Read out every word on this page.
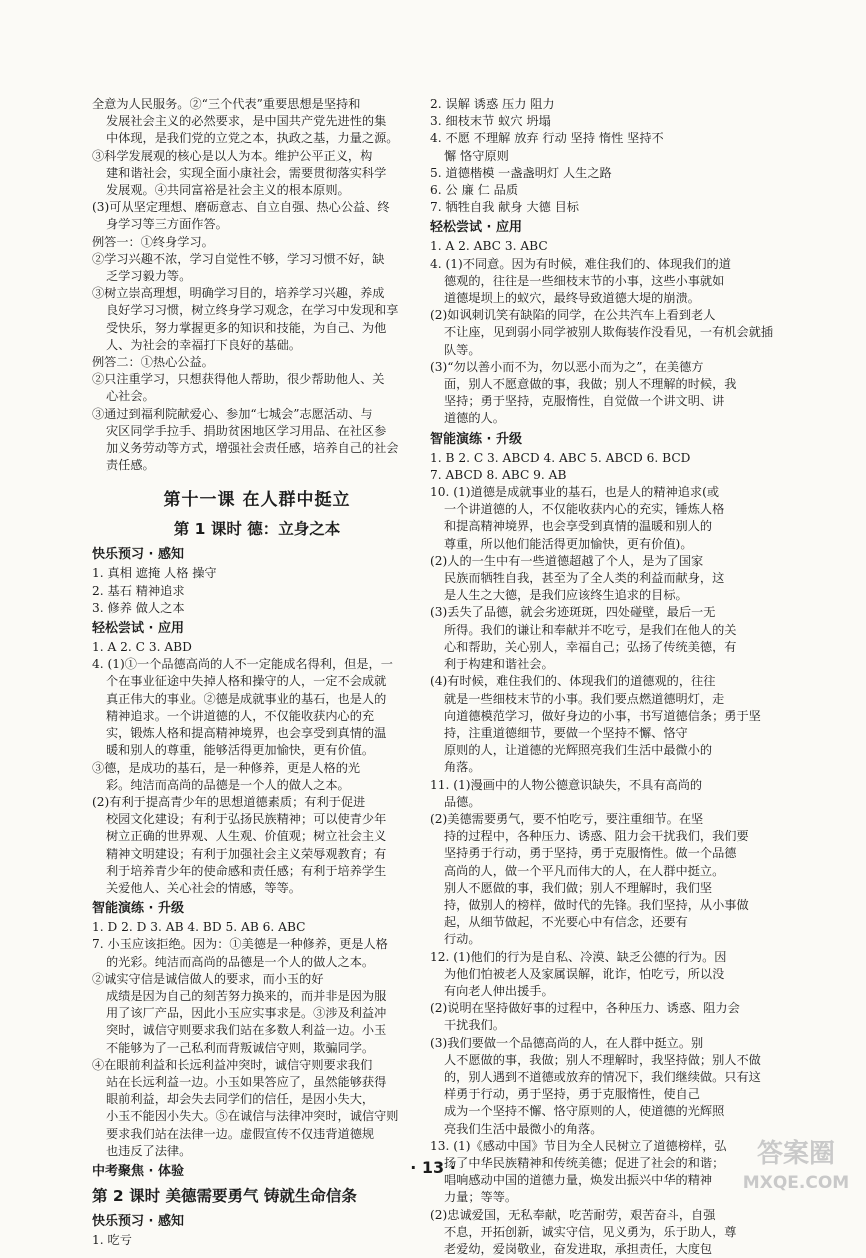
全意为人民服务。②“三个代表”重要思想是坚持和

发展社会主义的必然要求，是中国共产党先进性的集

中体现，是我们党的立党之本，执政之基，力量之源。

③科学发展观的核心是以人为本。维护公平正义，构

建和谐社会，实现全面小康社会，需要贯彻落实科学

发展观。④共同富裕是社会主义的根本原则。

(3)可从坚定理想、磨砺意志、自立自强、热心公益、终

身学习等三方面作答。

例答一：①终身学习。

②学习兴趣不浓，学习自觉性不够，学习习惯不好，缺

乏学习毅力等。

③树立崇高理想，明确学习目的，培养学习兴趣，养成

良好学习习惯，树立终身学习观念，在学习中发现和享

受快乐，努力掌握更多的知识和技能，为自己、为他

人、为社会的幸福打下良好的基础。

例答二：①热心公益。

②只注重学习，只想获得他人帮助，很少帮助他人、关

心社会。

③通过到福利院献爱心、参加“七城会”志愿活动、与

灾区同学手拉手、捐助贫困地区学习用品、在社区参

加义务劳动等方式，增强社会责任感，培养自己的社会

责任感。

第十一课 在人群中挺立
第 1 课时 德：立身之本
快乐预习 · 感知

1. 真相 遮掩 人格 操守

2. 基石 精神追求

3. 修养 做人之本

轻松尝试 · 应用

1. A 2. C 3. ABD

4. (1)①一个品德高尚的人不一定能成名得利，但是，一

个在事业征途中失掉人格和操守的人，一定不会成就

真正伟大的事业。②德是成就事业的基石，也是人的

精神追求。一个讲道德的人，不仅能收获内心的充

实，锻炼人格和提高精神境界，也会享受到真情的温

暖和别人的尊重，能够活得更加愉快，更有价值。

③德，是成功的基石，是一种修养，更是人格的光

彩。纯洁而高尚的品德是一个人的做人之本。

(2)有利于提高青少年的思想道德素质；有利于促进

校园文化建设；有利于弘扬民族精神；可以使青少年

树立正确的世界观、人生观、价值观；树立社会主义

精神文明建设；有利于加强社会主义荣辱观教育；有

利于培养青少年的使命感和责任感；有利于培养学生

关爱他人、关心社会的情感，等等。

智能演练 · 升级

1. D 2. D 3. AB 4. BD 5. AB 6. ABC

7. 小玉应该拒绝。因为：①美德是一种修养，更是人格

的光彩。纯洁而高尚的品德是一个人的做人之本。

②诚实守信是诚信做人的要求，而小玉的好

成绩是因为自己的刻苦努力换来的，而并非是因为服

用了该厂产品，因此小玉应实事求是。③涉及利益冲

突时，诚信守则要求我们站在多数人利益一边。小玉

不能够为了一己私利而背叛诚信守则，欺骗同学。

④在眼前利益和长远利益冲突时，诚信守则要求我们

站在长远利益一边。小玉如果答应了，虽然能够获得

眼前利益，却会失去同学们的信任，是因小失大，

小玉不能因小失大。⑤在诚信与法律冲突时，诚信守则

要求我们站在法律一边。虚假宣传不仅违背道德规

也违反了法律。

中考聚焦 · 体验
第 2 课时 美德需要勇气 铸就生命信条
快乐预习 · 感知

1. 吃亏

2. 误解 诱惑 压力 阻力

3. 细枝末节 蚁穴 坍塌

4. 不愿 不理解 放弃 行动 坚持 惰性 坚持不

懈 恪守原则

5. 道德楷模 一盏盏明灯 人生之路

6. 公 廉 仁 品质

7. 牺牲自我 献身 大德 目标

轻松尝试 · 应用

1. A 2. ABC 3. ABC

4. (1)不同意。因为有时候，难住我们的、体现我们的道

德观的，往往是一些细枝末节的小事，这些小事就如

道德堤坝上的蚁穴，最终导致道德大堤的崩溃。

(2)如讽刺讥笑有缺陷的同学，在公共汽车上看到老人

不让座，见到弱小同学被别人欺侮装作没看见，一有机会就插

队等。

(3)“勿以善小而不为，勿以恶小而为之”，在美德方

面，别人不愿意做的事，我做；别人不理解的时候，我

坚持；勇于坚持，克服惰性，自觉做一个讲文明、讲

道德的人。

智能演练 · 升级

1. B 2. C 3. ABCD 4. ABC 5. ABCD 6. BCD

7. ABCD 8. ABC 9. AB

10. (1)道德是成就事业的基石，也是人的精神追求(或

一个讲道德的人，不仅能收获内心的充实，锤炼人格

和提高精神境界，也会享受到真情的温暖和别人的

尊重，所以他们能活得更加愉快，更有价值)。

(2)人的一生中有一些道德超越了个人，是为了国家

民族而牺牲自我，甚至为了全人类的利益而献身，这

是人生之大德，是我们应该终生追求的目标。

(3)丢失了品德，就会劣迹斑斑，四处碰壁，最后一无

所得。我们的谦让和奉献并不吃亏，是我们在他人的关

心和帮助，关心别人，幸福自己；弘扬了传统美德，有

利于构建和谐社会。

(4)有时候，难住我们的、体现我们的道德观的，往往

就是一些细枝末节的小事。我们要点燃道德明灯，走

向道德模范学习，做好身边的小事，书写道德信条；勇于坚

持，注重道德细节，要做一个坚持不懈、恪守

原则的人，让道德的光辉照亮我们生活中最微小的

角落。

11. (1)漫画中的人物公德意识缺失，不具有高尚的

品德。

(2)美德需要勇气，要不怕吃亏，要注重细节。在坚

持的过程中，各种压力、诱惑、阻力会干扰我们，我们要

坚持勇于行动，勇于坚持，勇于克服惰性。做一个品德

高尚的人，做一个平凡而伟大的人，在人群中挺立。

别人不愿做的事，我们做；别人不理解时，我们坚

持，做别人的榜样，做时代的先锋。我们坚持，从小事做

起，从细节做起，不光要心中有信念，还要有

行动。

12. (1)他们的行为是自私、冷漠、缺乏公德的行为。因

为他们怕被老人及家属误解，讹诈，怕吃亏，所以没

有向老人伸出援手。

(2)说明在坚持做好事的过程中，各种压力、诱惑、阻力会

干扰我们。

(3)我们要做一个品德高尚的人，在人群中挺立。别

人不愿做的事，我做；别人不理解时，我坚持做；别人不做

的，别人遇到不道德或放弃的情况下，我们继续做。只有这

样勇于行动，勇于坚持，勇于克服惰性，使自己

成为一个坚持不懈、恪守原则的人，使道德的光辉照

亮我们生活中最微小的角落。

13. (1)《感动中国》节目为全人民树立了道德榜样，弘

扬了中华民族精神和传统美德；促进了社会的和谐；

唱响感动中国的道德力量，焕发出振兴中华的精神

力量；等等。

(2)忠诚爱国，无私奉献，吃苦耐劳，艰苦奋斗，自强

不息，开拓创新，诚实守信，见义勇为，乐于助人，尊

老爱幼，爱岗敬业，奋发进取，承担责任，大度包

· 13 ·	答案圈
MXQE.COM
